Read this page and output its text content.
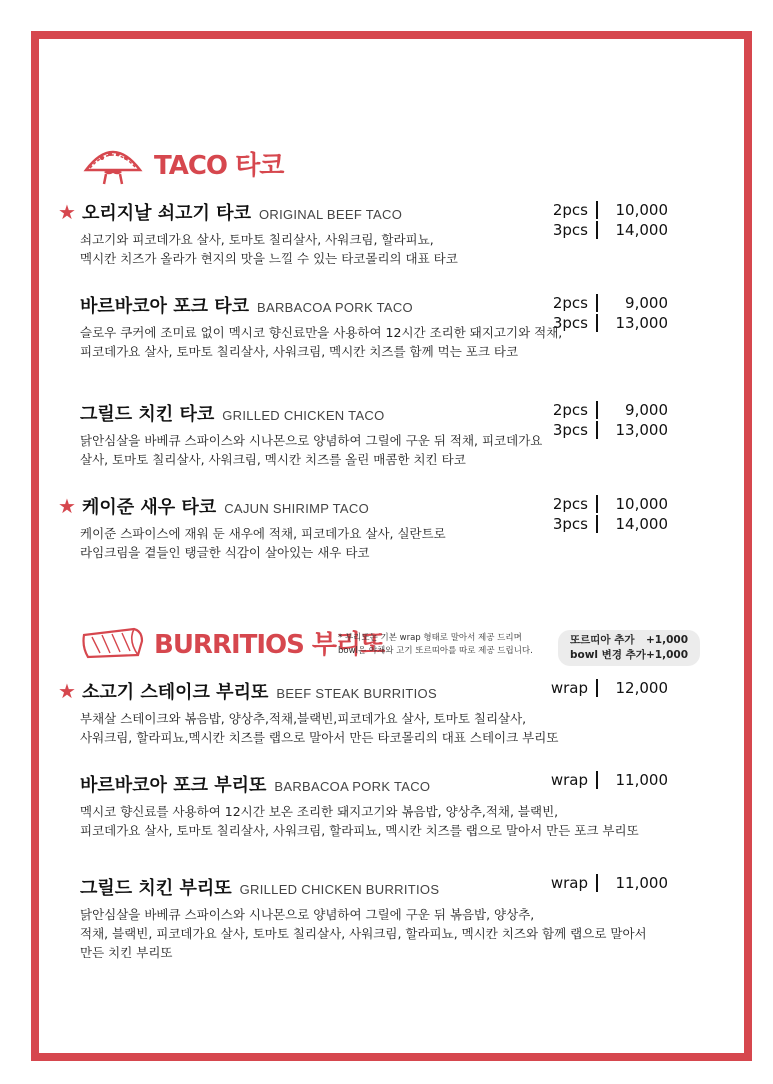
TACO 타코
★ 오리지날 쇠고기 타코 ORIGINAL BEEF TACO
쇠고기와 피코데가요 살사, 토마토 칠리살사, 사워크림, 할라피뇨,
멕시칸 치즈가 올라가 현지의 맛을 느낄 수 있는 타코몰리의 대표 타코
2pcs	10,000
3pcs	14,000
바르바코아 포크 타코 BARBACOA PORK TACO
슬로우 쿠커에 조미료 없이 멕시코 향신료만을 사용하여 12시간 조리한 돼지고기와 적채,
피코데가요 살사, 토마토 칠리살사, 사워크림, 멕시칸 치즈를 함께 먹는 포크 타코
2pcs	9,000
3pcs	13,000
그릴드 치킨 타코 GRILLED CHICKEN TACO
닭안심살을 바베큐 스파이스와 시나몬으로 양념하여 그릴에 구운 뒤 적채, 피코데가요
살사, 토마토 칠리살사, 사워크림, 멕시칸 치즈를 올린 매콤한 치킨 타코
2pcs	9,000
3pcs	13,000
★ 케이준 새우 타코 CAJUN SHIRIMP TACO
케이준 스파이스에 재워 둔 새우에 적채, 피코데가요 살사, 실란트로
라임크림을 곁들인 탱글한 식감이 살아있는 새우 타코
2pcs	10,000
3pcs	14,000
BURRITIOS 부리또
* 부리또는 기본 wrap 형태로 말아서 제공 드리며
bowl은 야채와 고기 또르띠아를 따로 제공 드립니다.
또르띠아 추가 +1,000
bowl 변경 추가 +1,000
★ 소고기 스테이크 부리또 BEEF STEAK BURRITIOS
부채살 스테이크와 볶음밥, 양상추,적채,블랙빈,피코데가요 살사, 토마토 칠리살사,
사워크림, 할라피뇨,멕시칸 치즈를 랩으로 말아서 만든 타코몰리의 대표 스테이크 부리또
wrap	12,000
바르바코아 포크 부리또 BARBACOA PORK TACO
멕시코 향신료를 사용하여 12시간 보온 조리한 돼지고기와 볶음밥, 양상추,적채, 블랙빈,
피코데가요 살사, 토마토 칠리살사, 사워크림, 할라피뇨, 멕시칸 치즈를 랩으로 말아서 만든 포크 부리또
wrap	11,000
그릴드 치킨 부리또 GRILLED CHICKEN BURRITIOS
닭안심살을 바베큐 스파이스와 시나몬으로 양념하여 그릴에 구운 뒤 볶음밥, 양상추,
적채, 블랙빈, 피코데가요 살사, 토마토 칠리살사, 사워크림, 할라피뇨, 멕시칸 치즈와 함께 랩으로 말아서
만든 치킨 부리또
wrap	11,000
